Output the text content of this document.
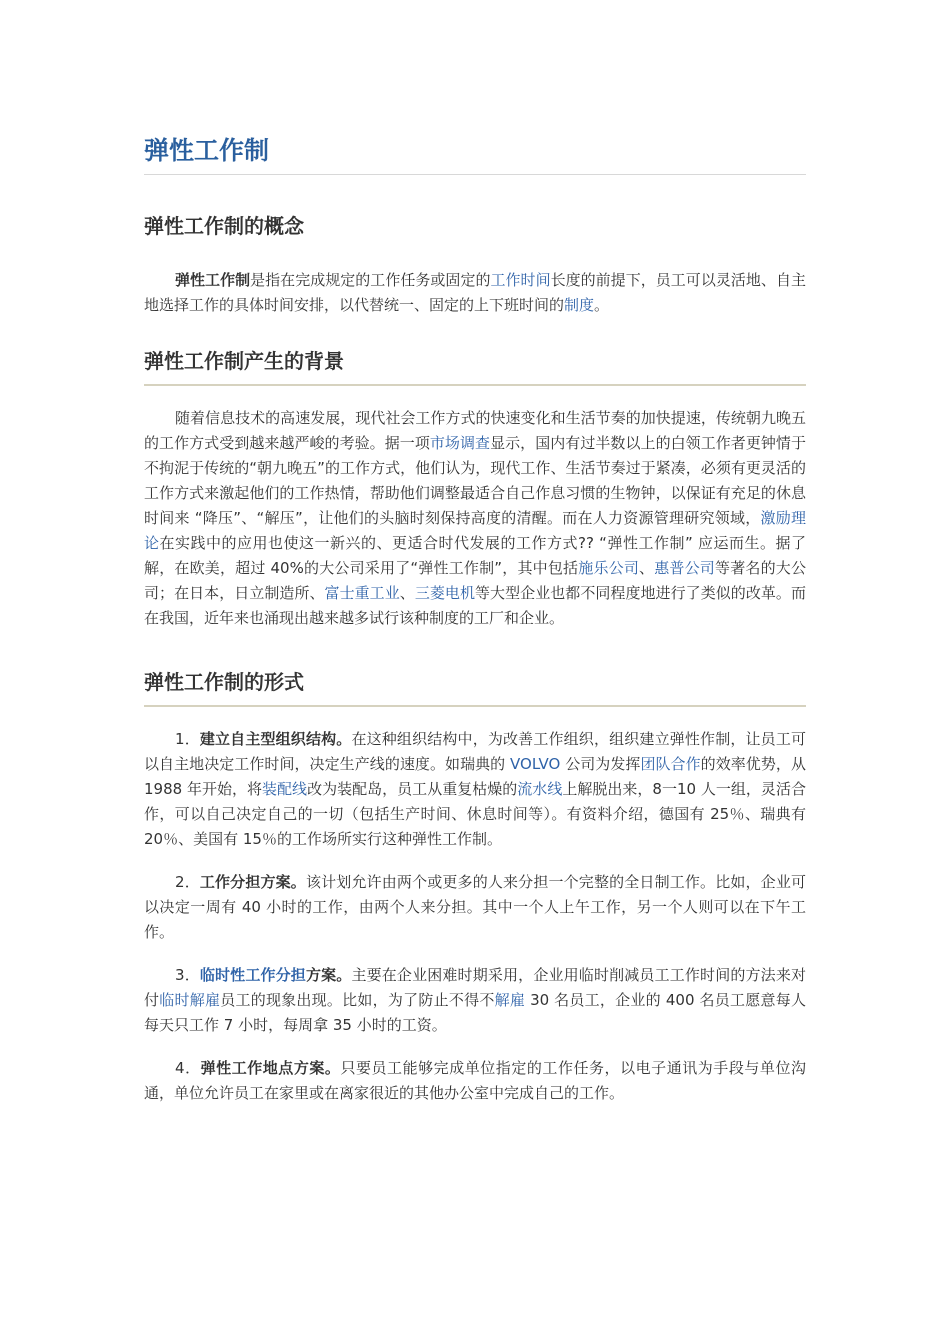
弹性工作制
弹性工作制的概念

弹性工作制是指在完成规定的工作任务或固定的工作时间长度的前提下，员工可以灵活地、自主地选择工作的具体时间安排，以代替统一、固定的上下班时间的制度。

弹性工作制产生的背景

随着信息技术的高速发展，现代社会工作方式的快速变化和生活节奏的加快提速，传统朝九晚五的工作方式受到越来越严峻的考验。据一项市场调查显示，国内有过半数以上的白领工作者更钟情于不拘泥于传统的“朝九晚五”的工作方式，他们认为，现代工作、生活节奏过于紧凑，必须有更灵活的工作方式来激起他们的工作热情，帮助他们调整最适合自己作息习惯的生物钟，以保证有充足的休息时间来 “降压”、“解压”，让他们的头脑时刻保持高度的清醒。而在人力资源管理研究领域，激励理论在实践中的应用也使这一新兴的、更适合时代发展的工作方式?? “弹性工作制” 应运而生。据了解，在欧美，超过 40%的大公司采用了“弹性工作制”，其中包括施乐公司、惠普公司等著名的大公司；在日本，日立制造所、富士重工业、三菱电机等大型企业也都不同程度地进行了类似的改革。而在我国，近年来也涌现出越来越多试行该种制度的工厂和企业。

弹性工作制的形式

1．建立自主型组织结构。在这种组织结构中，为改善工作组织，组织建立弹性作制，让员工可以自主地决定工作时间，决定生产线的速度。如瑞典的 VOLVO 公司为发挥团队合作的效率优势，从 1988 年开始，将装配线改为装配岛，员工从重复枯燥的流水线上解脱出来，8一10 人一组，灵活合作，可以自己决定自己的一切（包括生产时间、休息时间等）。有资料介绍，德国有 25％、瑞典有 20％、美国有 15％的工作场所实行这种弹性工作制。

2．工作分担方案。该计划允许由两个或更多的人来分担一个完整的全日制工作。比如，企业可以决定一周有 40 小时的工作，由两个人来分担。其中一个人上午工作，另一个人则可以在下午工作。

3．临时性工作分担方案。主要在企业困难时期采用，企业用临时削减员工工作时间的方法来对付临时解雇员工的现象出现。比如，为了防止不得不解雇 30 名员工，企业的 400 名员工愿意每人每天只工作 7 小时，每周拿 35 小时的工资。

4．弹性工作地点方案。只要员工能够完成单位指定的工作任务，以电子通讯为手段与单位沟通，单位允许员工在家里或在离家很近的其他办公室中完成自己的工作。
